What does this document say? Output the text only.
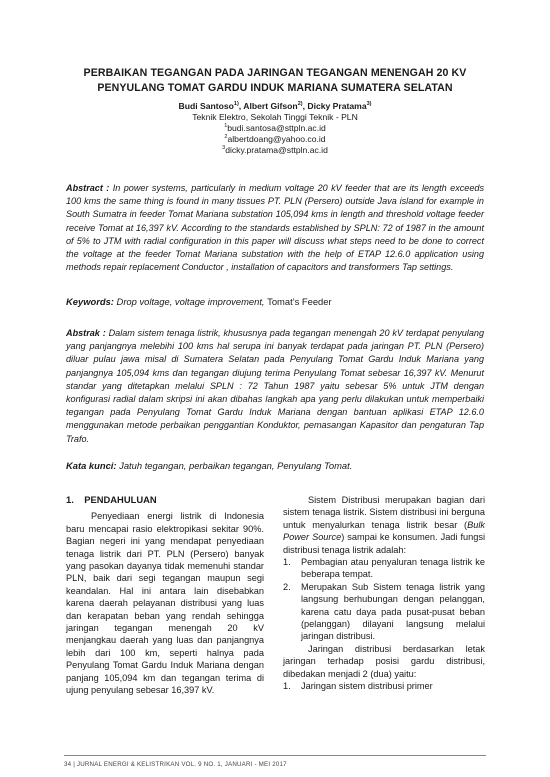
PERBAIKAN TEGANGAN PADA JARINGAN TEGANGAN MENENGAH 20 KV
PENYULANG TOMAT GARDU INDUK MARIANA SUMATERA SELATAN
Budi Santoso$^{1)}$, Albert Gifson$^{2)}$, Dicky Pratama$^{3)}$
Teknik Elektro, Sekolah Tinggi Teknik - PLN
$^1$budi.santosa@sttpln.ac.id
$^2$albertdoang@yahoo.co.id
$^3$dicky.pratama@sttpln.ac.id
Abstract : In power systems, particularly in medium voltage 20 kV feeder that are its length exceeds 100 kms the same thing is found in many tissues PT. PLN (Persero) outside Java island for example in South Sumatra in feeder Tomat Mariana substation 105,094 kms in length and threshold voltage feeder receive Tomat at 16,397 kV. According to the standards established by SPLN: 72 of 1987 in the amount of 5% to JTM with radial configuration in this paper will discuss what steps need to be done to correct the voltage at the feeder Tomat Mariana substation with the help of ETAP 12.6.0 application using methods repair replacement Conductor , installation of capacitors and transformers Tap settings.
Keywords: Drop voltage, voltage improvement, Tomat’s Feeder
Abstrak : Dalam sistem tenaga listrik, khususnya pada tegangan menengah 20 kV terdapat penyulang yang panjangnya melebihi 100 kms hal serupa ini banyak terdapat pada jaringan PT. PLN (Persero) diluar pulau jawa misal di Sumatera Selatan pada Penyulang Tomat Gardu Induk Mariana yang panjangnya 105,094 kms dan tegangan diujung terima Penyulang Tomat sebesar 16,397 kV. Menurut standar yang ditetapkan melalui SPLN : 72 Tahun 1987 yaitu sebesar 5% untuk JTM dengan konfigurasi radial dalam skripsi ini akan dibahas langkah apa yang perlu dilakukan untuk memperbaiki tegangan pada Penyulang Tomat Gardu Induk Mariana dengan bantuan aplikasi ETAP 12.6.0 menggunakan metode perbaikan penggantian Konduktor, pemasangan Kapasitor dan pengaturan Tap Trafo.
Kata kunci: Jatuh tegangan, perbaikan tegangan, Penyulang Tomat.

1.    PENDAHULUAN

Penyediaan energi listrik di Indonesia baru mencapai rasio elektropikasi sekitar 90%. Bagian negeri ini yang mendapat penyediaan tenaga listrik dari PT. PLN (Persero) banyak yang pasokan dayanya tidak memenuhi standar PLN, baik dari segi tegangan maupun segi keandalan. Hal ini antara lain disebabkan karena daerah pelayanan distribusi yang luas dan kerapatan beban yang rendah sehingga jaringan tegangan menengah 20 kV menjangkau daerah yang luas dan panjangnya lebih dari 100 km, seperti halnya pada Penyulang Tomat Gardu Induk Mariana dengan panjang 105,094 km dan tegangan terima di ujung penyulang sebesar 16,397 kV.

Sistem Distribusi merupakan bagian dari sistem tenaga listrik. Sistem distribusi ini berguna untuk menyalurkan tenaga listrik besar (Bulk Power Source) sampai ke konsumen. Jadi fungsi distribusi tenaga listrik adalah:

1. Pembagian atau penyaluran tenaga listrik ke beberapa tempat.
2. Merupakan Sub Sistem tenaga listrik yang langsung berhubungan dengan pelanggan, karena catu daya pada pusat-pusat beban (pelanggan) dilayani langsung melalui jaringan distribusi.

Jaringan distribusi berdasarkan letak jaringan terhadap posisi gardu distribusi, dibedakan menjadi 2 (dua) yaitu:

1. Jaringan sistem distribusi primer
34 | JURNAL ENERGI & KELISTRIKAN VOL. 9 NO. 1, JANUARI - MEI 2017
